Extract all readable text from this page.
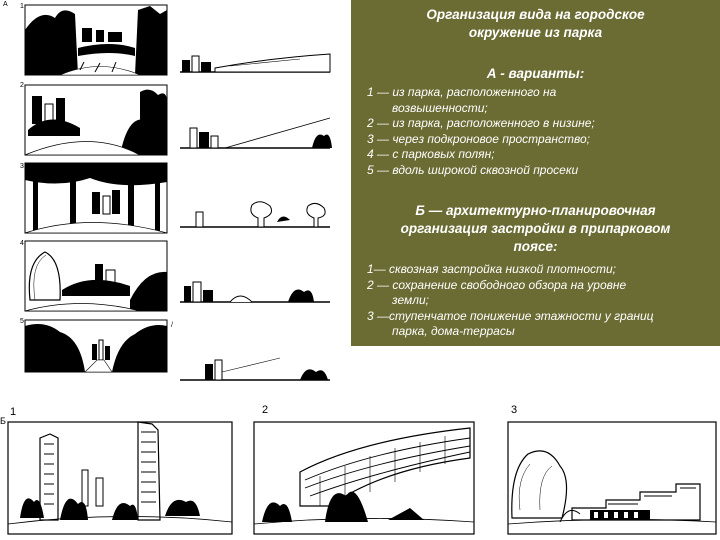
A 1
2
3
4
5
/
Организация вида на городское
окружение из парка
А - варианты:
1 — из парка, расположенного на
возвышенности;
2 — из парка, расположенного в низине;
3 — через подкроновое пространство;
4 — с парковых полян;
5 — вдоль широкой сквозной просеки
Б — архитектурно-планировочная
организация застройки в припарковом
поясе:
1— сквозная застройка низкой плотности;
2 — сохранение свободного обзора на уровне
земли;
3 —ступенчатое понижение этажности у границ
парка, дома-террасы
Б
1	2	3
